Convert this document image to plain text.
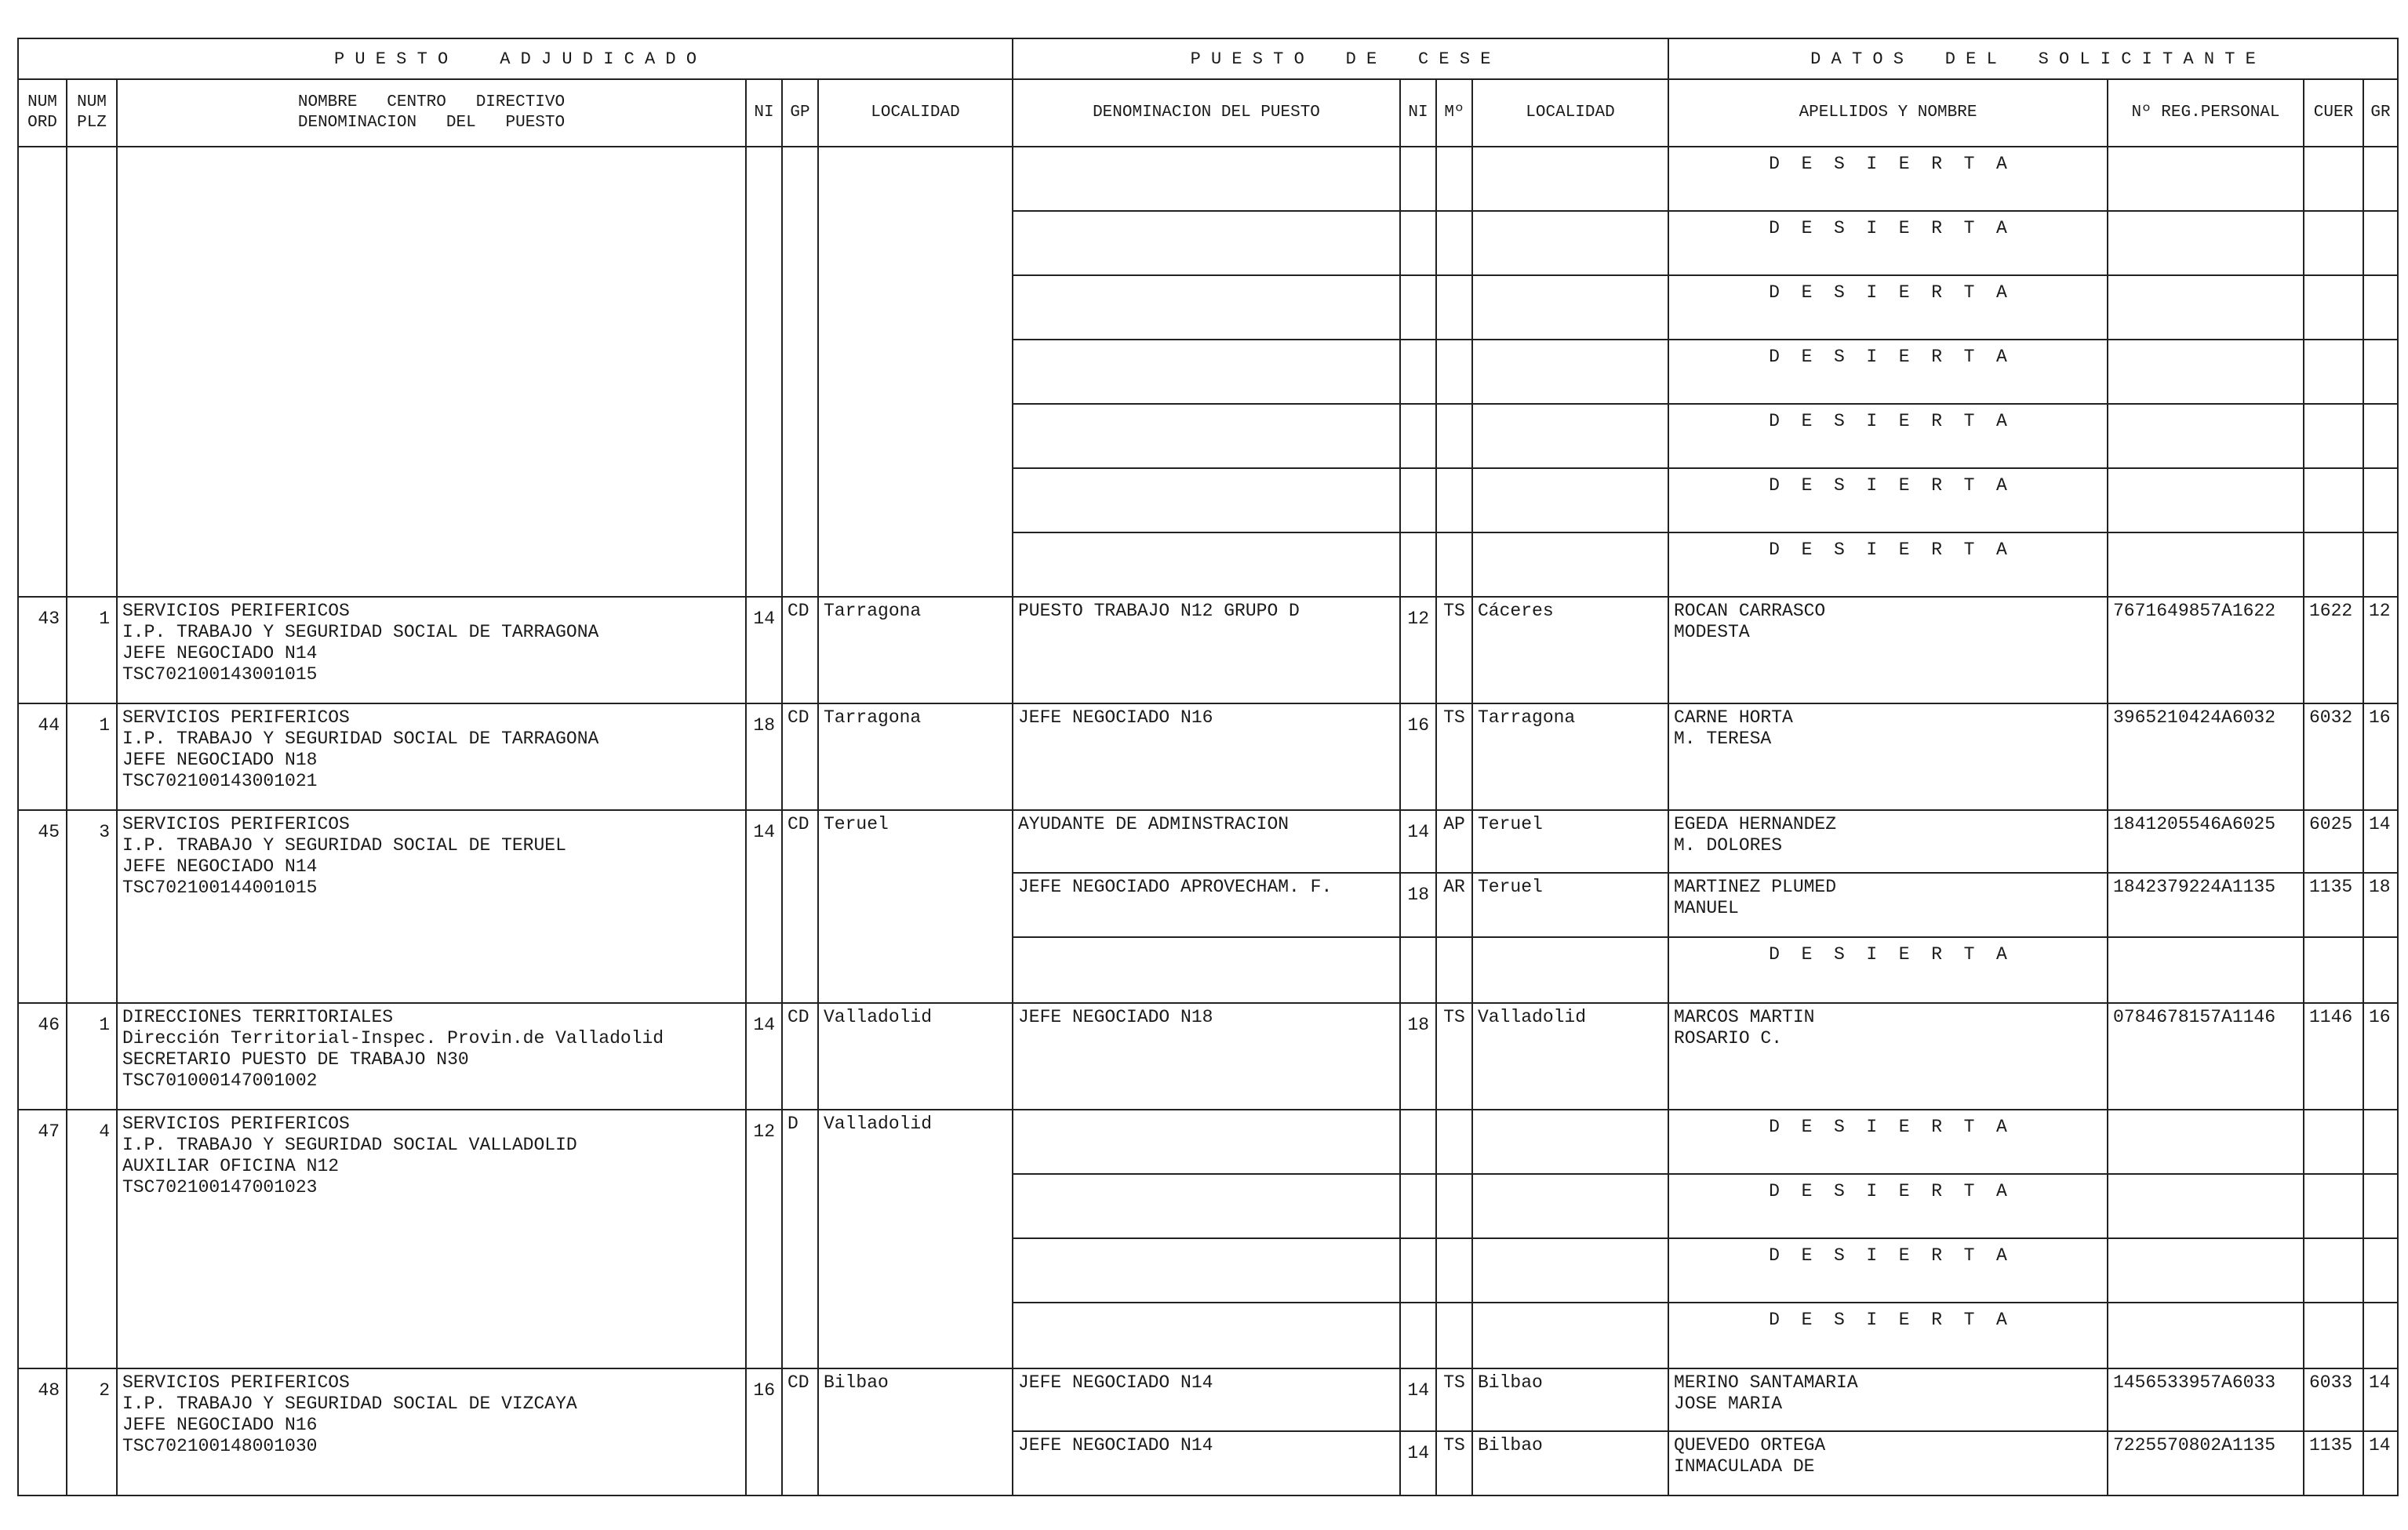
P U E S T O     A D J U D I C A D O						P U E S T O    D E    C E S E				D A T O S    D E L    S O L I C I T A N T E			
NUM
ORD	NUM
PLZ	NOMBRE   CENTRO   DIRECTIVO
DENOMINACION   DEL   PUESTO	NI	GP	LOCALIDAD	DENOMINACION DEL PUESTO	NI	Mº	LOCALIDAD	APELLIDOS Y NOMBRE	Nº REG.PERSONAL	CUER	GR
										D  E  S  I  E  R  T  A			
										D  E  S  I  E  R  T  A			
										D  E  S  I  E  R  T  A			
										D  E  S  I  E  R  T  A			
										D  E  S  I  E  R  T  A			
										D  E  S  I  E  R  T  A			
										D  E  S  I  E  R  T  A			
43	1	SERVICIOS PERIFERICOS
I.P. TRABAJO Y SEGURIDAD SOCIAL DE TARRAGONA
JEFE NEGOCIADO N14
TSC702100143001015	14	CD	Tarragona	PUESTO TRABAJO N12 GRUPO D	12	TS	Cáceres	ROCAN CARRASCO
MODESTA	7671649857A1622	1622	12
44	1	SERVICIOS PERIFERICOS
I.P. TRABAJO Y SEGURIDAD SOCIAL DE TARRAGONA
JEFE NEGOCIADO N18
TSC702100143001021	18	CD	Tarragona	JEFE NEGOCIADO N16	16	TS	Tarragona	CARNE HORTA
M. TERESA	3965210424A6032	6032	16
45	3	SERVICIOS PERIFERICOS
I.P. TRABAJO Y SEGURIDAD SOCIAL DE TERUEL
JEFE NEGOCIADO N14
TSC702100144001015	14	CD	Teruel	AYUDANTE DE ADMINSTRACION	14	AP	Teruel	EGEDA HERNANDEZ
M. DOLORES	1841205546A6025	6025	14
						JEFE NEGOCIADO APROVECHAM. F.	18	AR	Teruel	MARTINEZ PLUMED
MANUEL	1842379224A1135	1135	18
										D  E  S  I  E  R  T  A			
46	1	DIRECCIONES TERRITORIALES
Dirección Territorial-Inspec. Provin.de Valladolid
SECRETARIO PUESTO DE TRABAJO N30
TSC701000147001002	14	CD	Valladolid	JEFE NEGOCIADO N18	18	TS	Valladolid	MARCOS MARTIN
ROSARIO C.	0784678157A1146	1146	16
47	4	SERVICIOS PERIFERICOS
I.P. TRABAJO Y SEGURIDAD SOCIAL VALLADOLID
AUXILIAR OFICINA N12
TSC702100147001023	12	D	Valladolid					D  E  S  I  E  R  T  A			
										D  E  S  I  E  R  T  A			
										D  E  S  I  E  R  T  A			
										D  E  S  I  E  R  T  A			
48	2	SERVICIOS PERIFERICOS
I.P. TRABAJO Y SEGURIDAD SOCIAL DE VIZCAYA
JEFE NEGOCIADO N16
TSC702100148001030	16	CD	Bilbao	JEFE NEGOCIADO N14	14	TS	Bilbao	MERINO SANTAMARIA
JOSE MARIA	1456533957A6033	6033	14
						JEFE NEGOCIADO N14	14	TS	Bilbao	QUEVEDO ORTEGA
INMACULADA DE	7225570802A1135	1135	14
